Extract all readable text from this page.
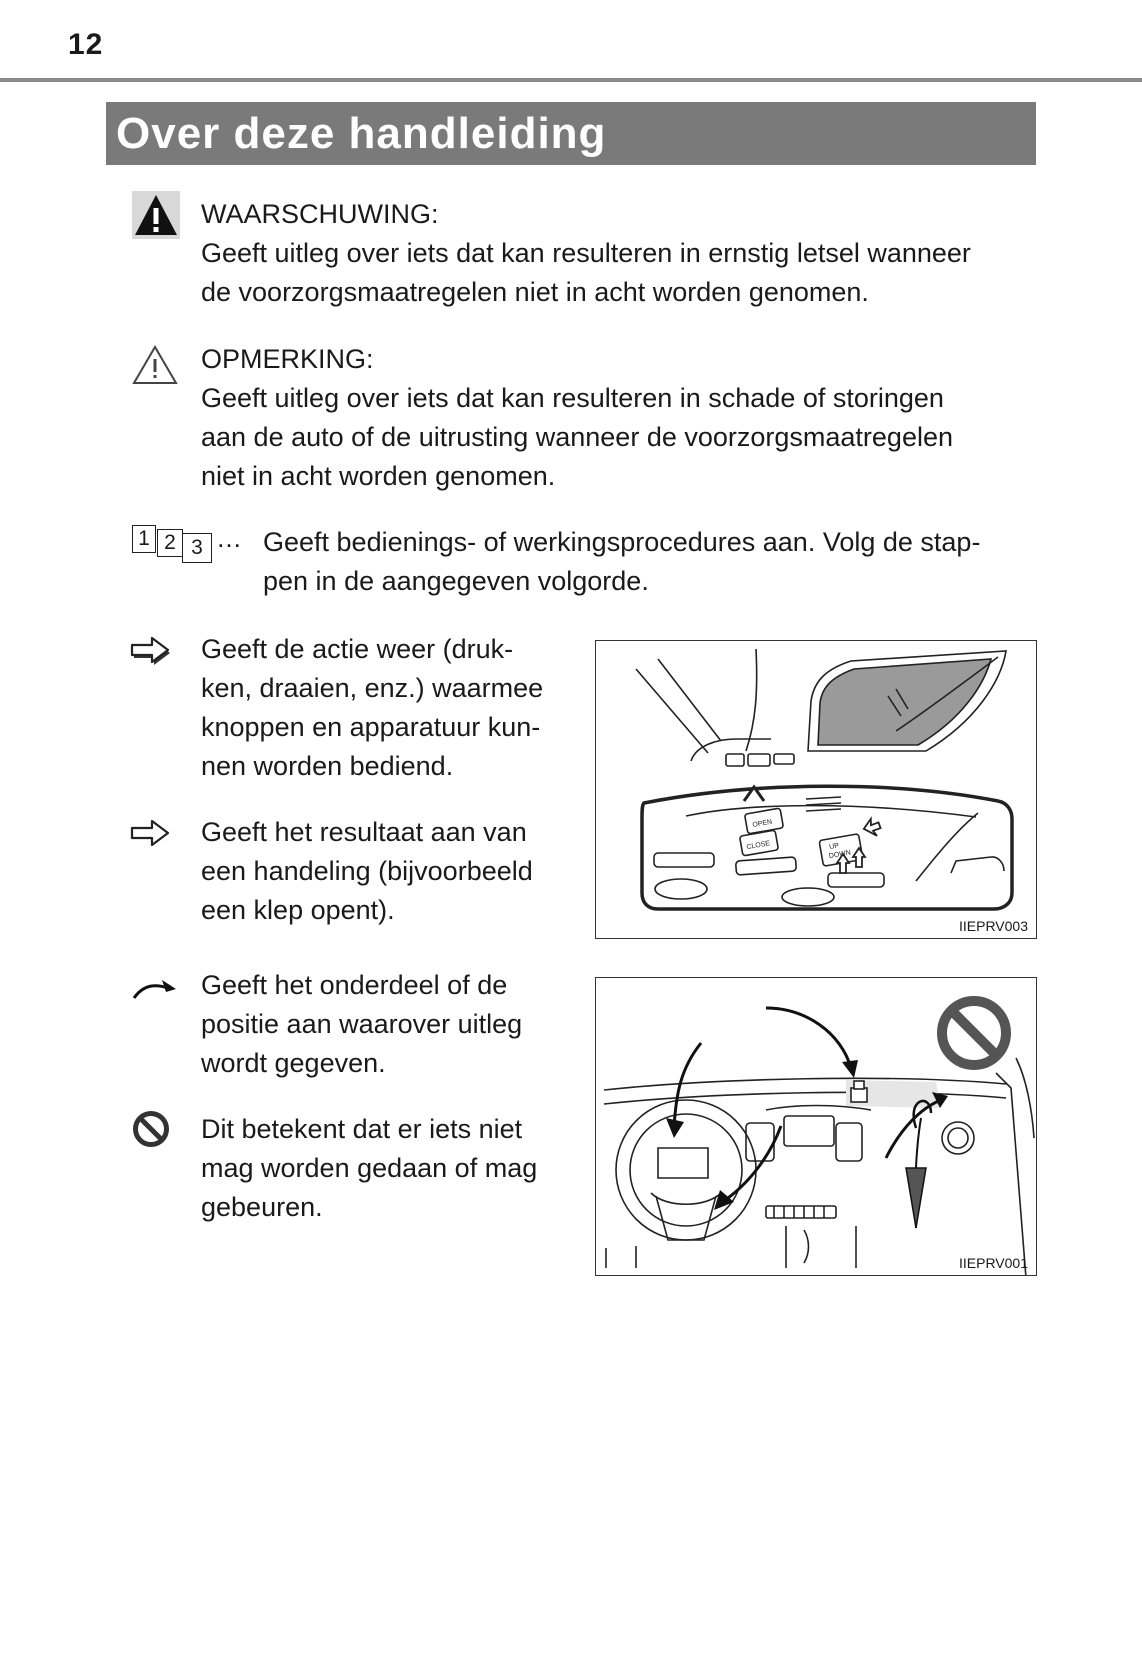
12
Over deze handleiding
WAARSCHUWING:
Geeft uitleg over iets dat kan resulteren in ernstig letsel wanneer
de voorzorgsmaatregelen niet in acht worden genomen.
OPMERKING:
Geeft uitleg over iets dat kan resulteren in schade of storingen
aan de auto of de uitrusting wanneer de voorzorgsmaatregelen
niet in acht worden genomen.
1 2 3 … Geeft bedienings- of werkingsprocedures aan. Volg de stap-
pen in de aangegeven volgorde.
Geeft de actie weer (druk-
ken, draaien, enz.) waarmee
knoppen en apparatuur kun-
nen worden bediend.
Geeft het resultaat aan van
een handeling (bijvoorbeeld
een klep opent).
Geeft het onderdeel of de
positie aan waarover uitleg
wordt gegeven.
Dit betekent dat er iets niet
mag worden gedaan of mag
gebeuren.
OPEN
CLOSE	UP
DOWN
IIEPRV003
IIEPRV001
